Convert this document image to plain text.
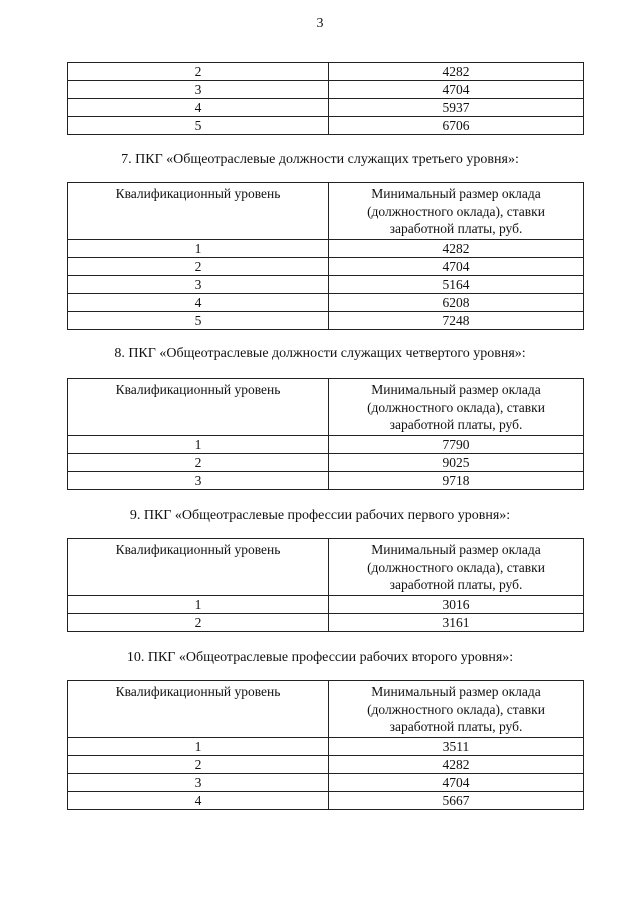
3
2	4282
3	4704
4	5937
5	6706
7. ПКГ «Общеотраслевые должности служащих третьего уровня»:
Квалификационный уровень	Минимальный размер оклада
(должностного оклада), ставки
заработной платы, руб.
1	4282
2	4704
3	5164
4	6208
5	7248
8. ПКГ «Общеотраслевые должности служащих четвертого уровня»:
Квалификационный уровень	Минимальный размер оклада
(должностного оклада), ставки
заработной платы, руб.
1	7790
2	9025
3	9718
9. ПКГ «Общеотраслевые профессии рабочих первого уровня»:
Квалификационный уровень	Минимальный размер оклада
(должностного оклада), ставки
заработной платы, руб.
1	3016
2	3161
10. ПКГ «Общеотраслевые профессии рабочих второго уровня»:
Квалификационный уровень	Минимальный размер оклада
(должностного оклада), ставки
заработной платы, руб.
1	3511
2	4282
3	4704
4	5667
